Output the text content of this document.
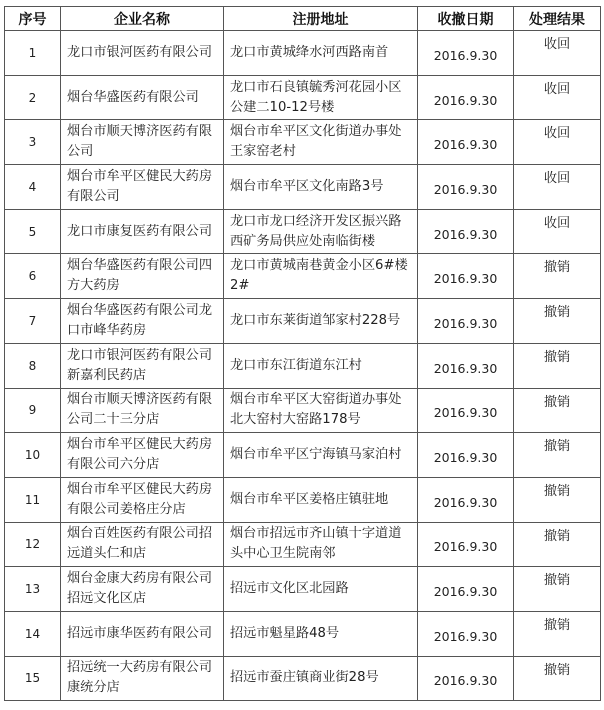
序号	企业名称	注册地址	收撤日期	处理结果
1	龙口市银河医药有限公司	龙口市黄城绛水河西路南首	2016.9.30	收回
2	烟台华盛医药有限公司	龙口市石良镇毓秀河花园小区公建二10-12号楼	2016.9.30	收回
3	烟台市顺天博济医药有限公司	烟台市牟平区文化街道办事处王家窑老村	2016.9.30	收回
4	烟台市牟平区健民大药房有限公司	烟台市牟平区文化南路3号	2016.9.30	收回
5	龙口市康复医药有限公司	龙口市龙口经济开发区振兴路西矿务局供应处南临街楼	2016.9.30	收回
6	烟台华盛医药有限公司四方大药房	龙口市黄城南巷黄金小区6#楼2#	2016.9.30	撤销
7	烟台华盛医药有限公司龙口市峰华药房	龙口市东莱街道邹家村228号	2016.9.30	撤销
8	龙口市银河医药有限公司新嘉利民药店	龙口市东江街道东江村	2016.9.30	撤销
9	烟台市顺天博济医药有限公司二十三分店	烟台市牟平区大窑街道办事处北大窑村大窑路178号	2016.9.30	撤销
10	烟台市牟平区健民大药房有限公司六分店	烟台市牟平区宁海镇马家泊村	2016.9.30	撤销
11	烟台市牟平区健民大药房有限公司姜格庄分店	烟台市牟平区姜格庄镇驻地	2016.9.30	撤销
12	烟台百姓医药有限公司招远道头仁和店	烟台市招远市齐山镇十字道道头中心卫生院南邻	2016.9.30	撤销
13	烟台金康大药房有限公司招远文化区店	招远市文化区北园路	2016.9.30	撤销
14	招远市康华医药有限公司	招远市魁星路48号	2016.9.30	撤销
15	招远统一大药房有限公司康统分店	招远市蚕庄镇商业街28号	2016.9.30	撤销
